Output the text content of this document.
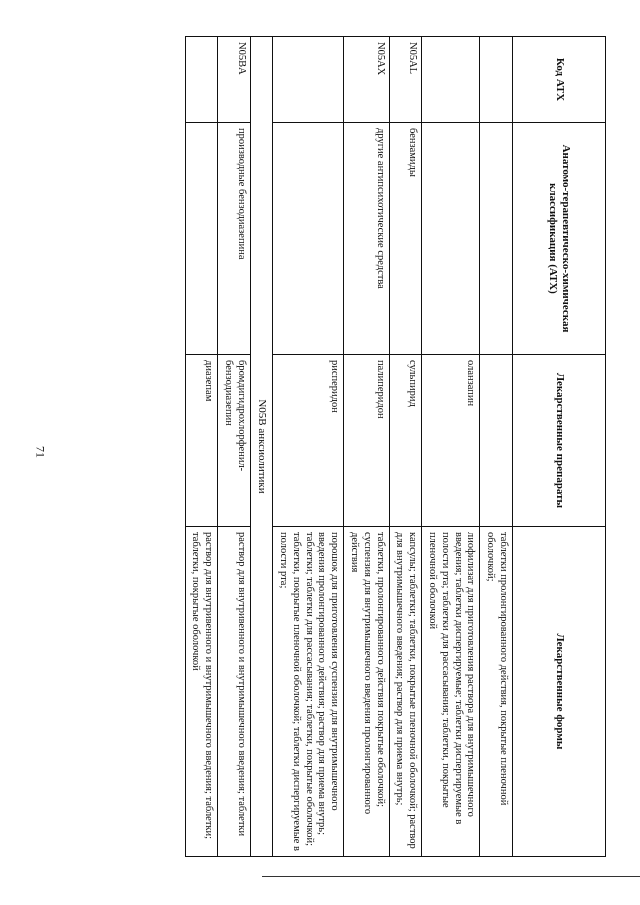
71
Код АТХ	Анатомо-терапевтическо-химическая классификация (АТХ)	Лекарственные препараты	Лекарственные формы

			таблетки пролонгированного действия, покрытые пленочной
оболочкой;

		оланзапин	лиофилизат для приготовления раствора для внутримышечного введения; таблетки диспергируемые; таблетки диспергируемые в полости рта; таблетки для рассасывания; таблетки, покрытые пленочной оболочкой

N05AL	бензамиды	сульпирид	капсулы; таблетки; таблетки, покрытые пленочной оболочкой; раствор для внутримышечного введения; раствор для приема внутрь;

N05AX	другие антипсихотические средства	палиперидон	таблетки, пролонгированного действия покрытые оболочкой; суспензия для внутримышечного введения пролонгированного действия

		рисперидон	порошок для приготовления суспензии для внутримышечного введения пролонгированного действия; раствор для приема внутрь; таблетки; таблетки для рассасывания; таблетки, покрытые оболочкой;
таблетки, покрытые пленочной оболочкой; таблетки диспергируемые в полости рта;

N05B анксиолитики			
N05BA	производные бензодиазепина	бромдигидрохлорфенил-бензодиазепин	раствор для внутривенного и внутримышечного введения; таблетки

		диазепам	раствор для внутривенного и внутримышечного введения; таблетки; таблетки, покрытые оболочкой
